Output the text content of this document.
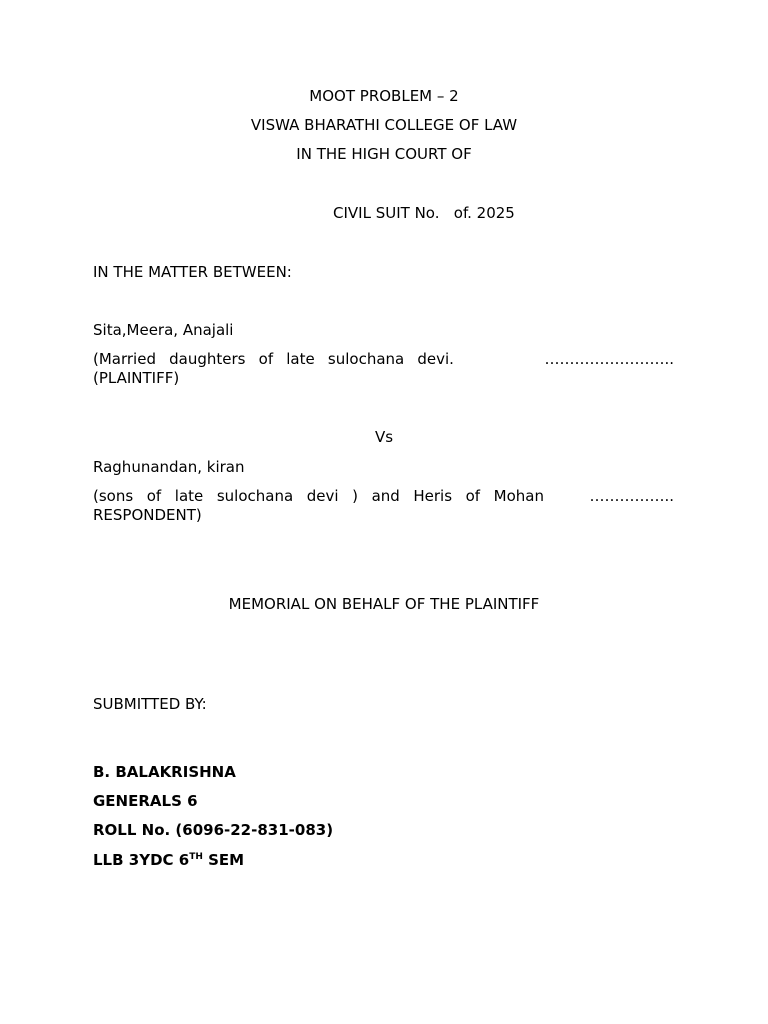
MOOT PROBLEM – 2
VISWA BHARATHI COLLEGE OF LAW
IN THE HIGH COURT OF
CIVIL SUIT No.   of. 2025
IN THE MATTER BETWEEN:
Sita,Meera, Anajali
(Married daughters of late sulochana devi.	……………………..
(PLAINTIFF)
Vs
Raghunandan, kiran
(sons of late sulochana devi ) and Heris of Mohan	……………..
RESPONDENT)
MEMORIAL ON BEHALF OF THE PLAINTIFF
SUBMITTED BY:
B. BALAKRISHNA
GENERALS 6
ROLL No. (6096-22-831-083)
LLB 3YDC 6TH SEM
